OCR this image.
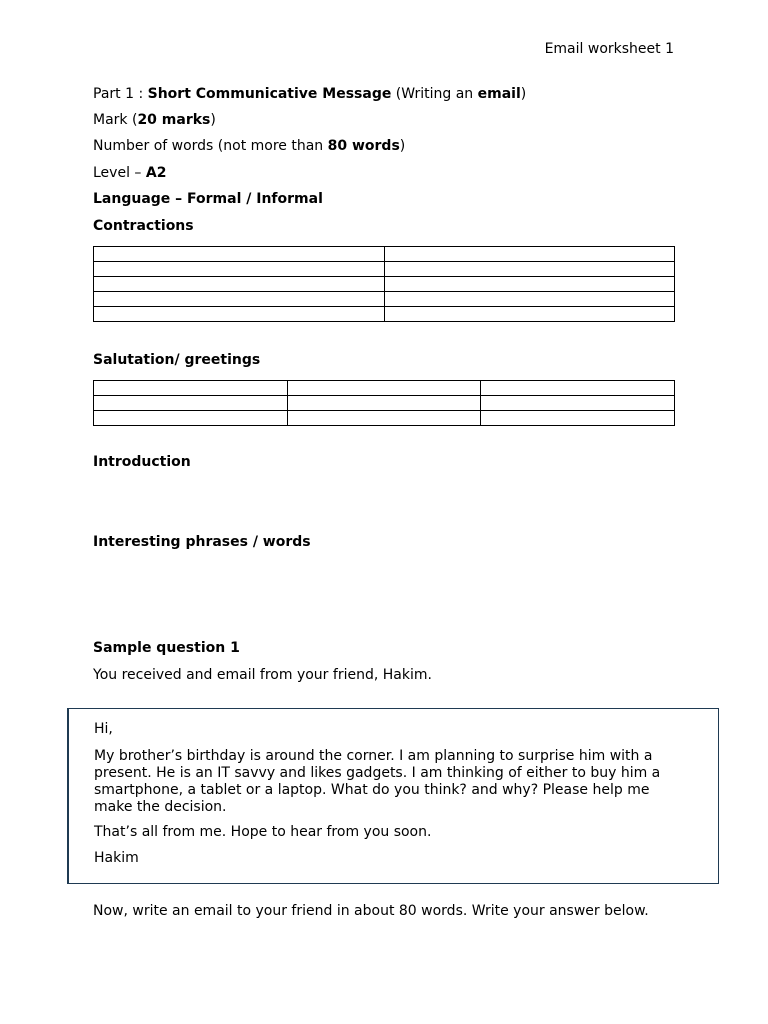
Email worksheet 1
Part 1 : Short Communicative Message (Writing an email)
Mark (20 marks)
Number of words (not more than 80 words)
Level – A2
Language – Formal / Informal
Contractions

Salutation/ greetings

Introduction
Interesting phrases / words
Sample question 1
You received and email from your friend, Hakim.

Hi,

My brother’s birthday is around the corner. I am planning to surprise him with a present. He is an IT savvy and likes gadgets. I am thinking of either to buy him a smartphone, a tablet or a laptop. What do you think? and why? Please help me make the decision.

That’s all from me. Hope to hear from you soon.

Hakim

Now, write an email to your friend in about 80 words. Write your answer below.
